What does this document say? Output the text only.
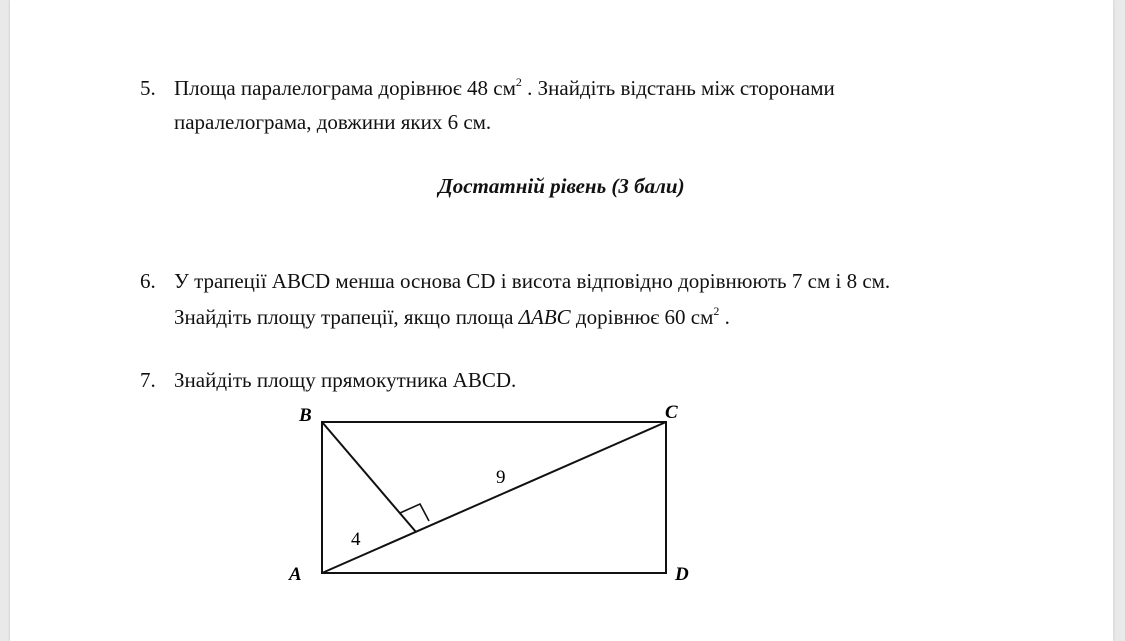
5. Площа паралелограма дорівнює 48 $см^2$ . Знайдіть відстань між сторонами
паралелограма, довжини яких 6 см.
Достатній рівень (3 бали)
6. У трапеції ABCD менша основа CD і висота відповідно дорівнюють 7 см і 8 см.
Знайдіть площу трапеції, якщо площа ΔABC дорівнює 60 $см^2$ .
7. Знайдіть площу прямокутника ABCD.
B	C
A	D
4
9
